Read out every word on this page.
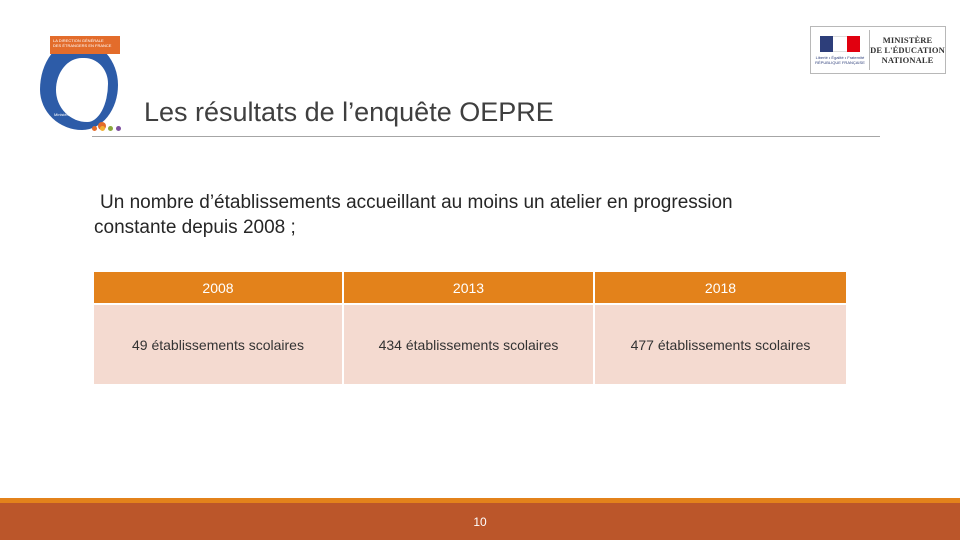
LA DIRECTION GÉNÉRALE
DES ÉTRANGERS EN FRANCE
Ministère de l'Intérieur
Liberté • Égalité • Fraternité
RÉPUBLIQUE FRANÇAISE
MINISTÈRE
DE L'ÉDUCATION
NATIONALE
Les résultats de l’enquête OEPRE
Un nombre d’établissements accueillant au moins un atelier en progression
constante depuis 2008 ;
2008	2013	2018
49 établissements scolaires	434 établissements scolaires	477 établissements scolaires
10
